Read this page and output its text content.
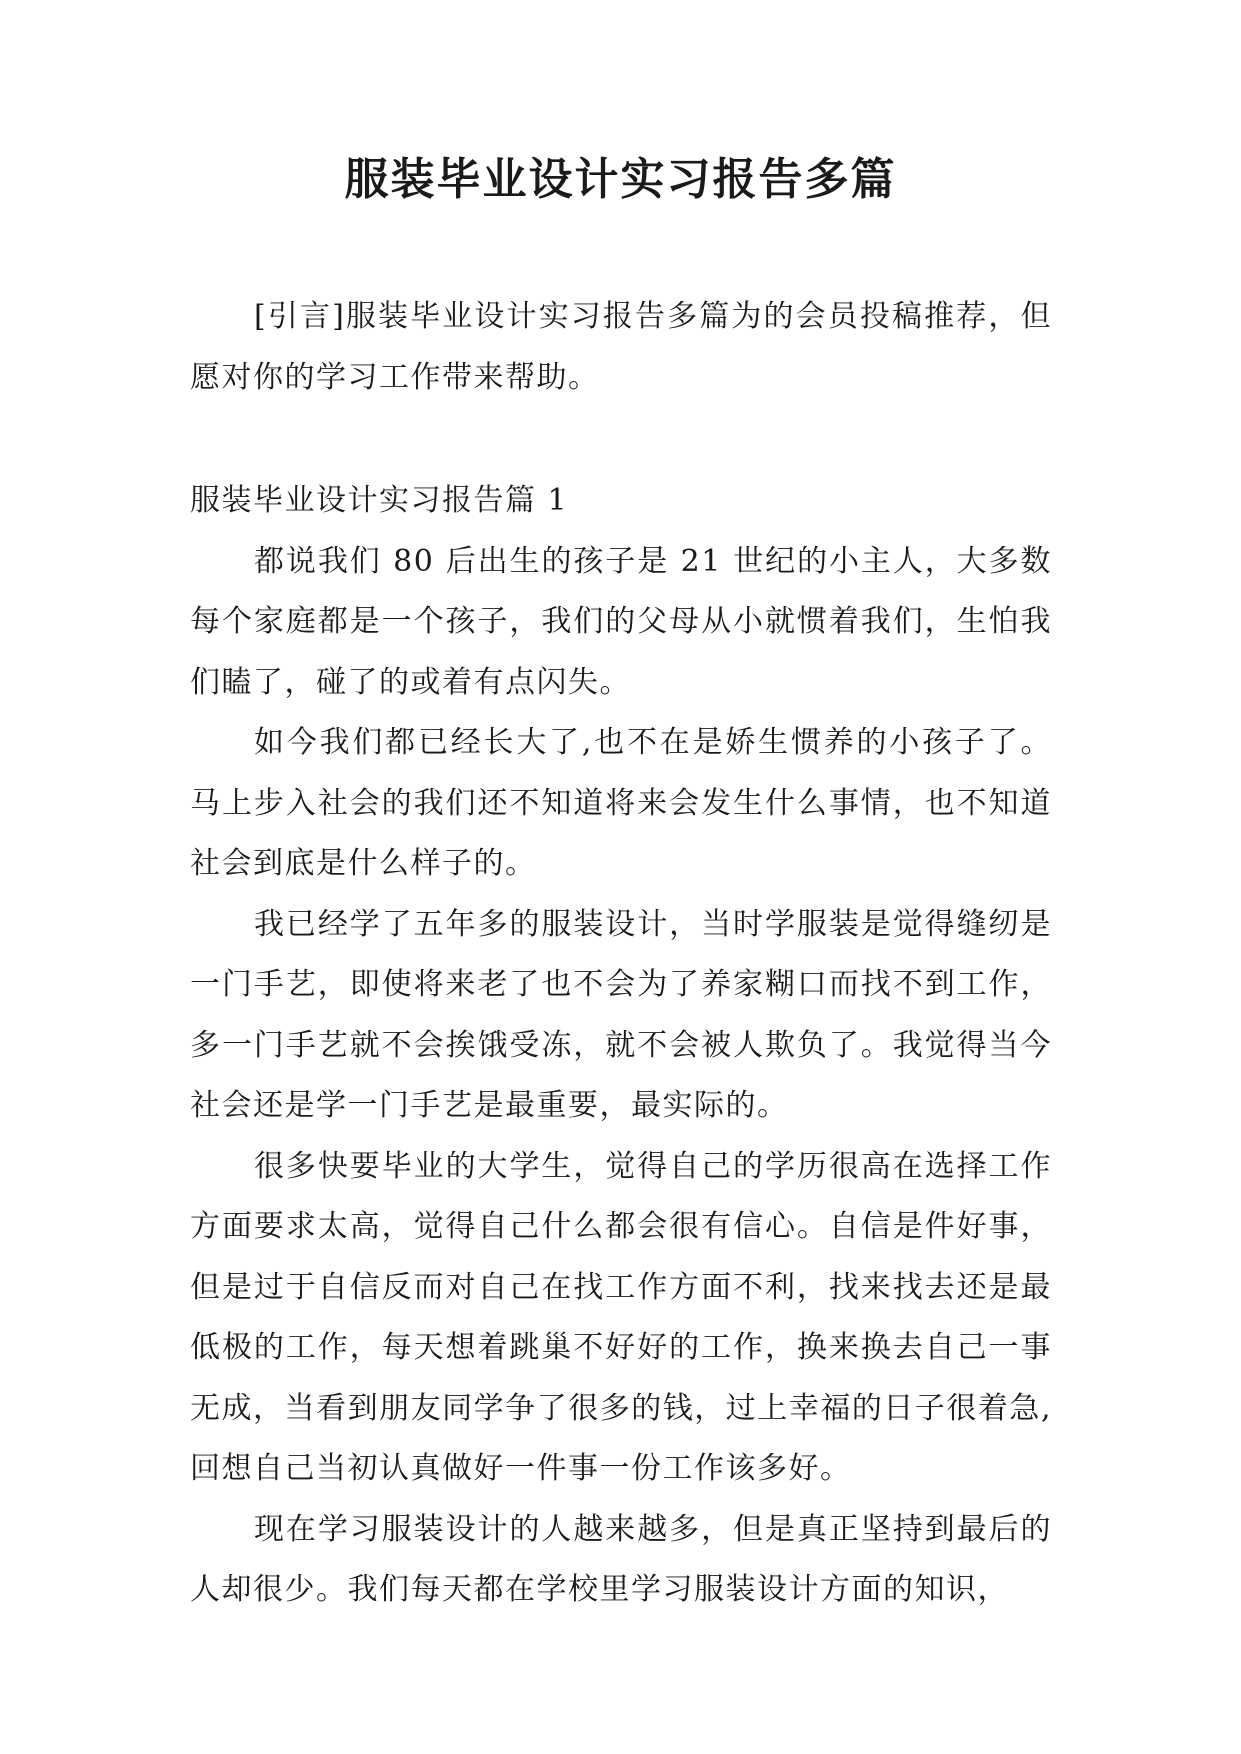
服装毕业设计实习报告多篇

[引言]服装毕业设计实习报告多篇为的会员投稿推荐，但愿对你的学习工作带来帮助。

服装毕业设计实习报告篇 1

都说我们 80 后出生的孩子是 21 世纪的小主人，大多数每个家庭都是一个孩子，我们的父母从小就惯着我们，生怕我们瞌了，碰了的或着有点闪失。

如今我们都已经长大了,也不在是娇生惯养的小孩子了。马上步入社会的我们还不知道将来会发生什么事情，也不知道社会到底是什么样子的。

我已经学了五年多的服装设计，当时学服装是觉得缝纫是一门手艺，即使将来老了也不会为了养家糊口而找不到工作，多一门手艺就不会挨饿受冻，就不会被人欺负了。我觉得当今社会还是学一门手艺是最重要，最实际的。

很多快要毕业的大学生，觉得自己的学历很高在选择工作方面要求太高，觉得自己什么都会很有信心。自信是件好事，但是过于自信反而对自己在找工作方面不利，找来找去还是最低极的工作，每天想着跳巢不好好的工作，换来换去自己一事无成，当看到朋友同学争了很多的钱，过上幸福的日子很着急,回想自己当初认真做好一件事一份工作该多好。

现在学习服装设计的人越来越多，但是真正坚持到最后的人却很少。我们每天都在学校里学习服装设计方面的知识，
